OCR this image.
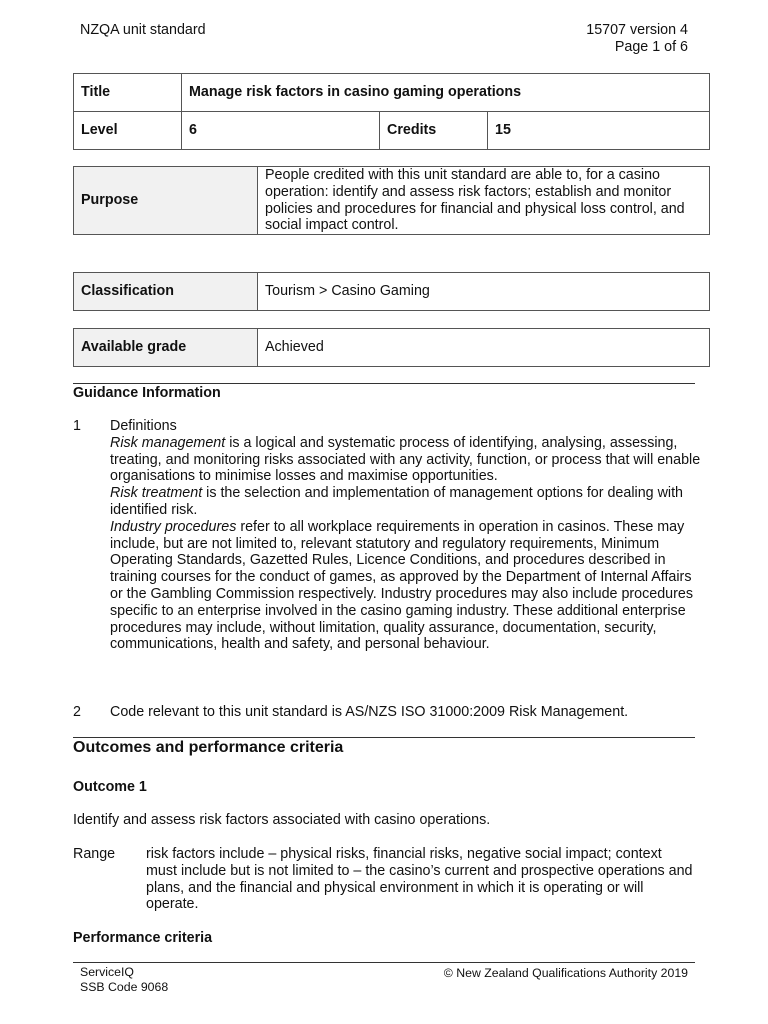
NZQA unit standard	15707 version 4
Page 1 of 6
Title	Manage risk factors in casino gaming operations		
Level	6	Credits	15
Purpose	People credited with this unit standard are able to, for a casino operation: identify and assess risk factors; establish and monitor policies and procedures for financial and physical loss control, and social impact control.
Classification	Tourism > Casino Gaming
Available grade	Achieved
Guidance Information
1 Definitions

Risk management is a logical and systematic process of identifying, analysing, assessing, treating, and monitoring risks associated with any activity, function, or process that will enable organisations to minimise losses and maximise opportunities.

Risk treatment is the selection and implementation of management options for dealing with identified risk.

Industry procedures refer to all workplace requirements in operation in casinos. These may include, but are not limited to, relevant statutory and regulatory requirements, Minimum Operating Standards, Gazetted Rules, Licence Conditions, and procedures described in training courses for the conduct of games, as approved by the Department of Internal Affairs or the Gambling Commission respectively. Industry procedures may also include procedures specific to an enterprise involved in the casino gaming industry. These additional enterprise procedures may include, without limitation, quality assurance, documentation, security, communications, health and safety, and personal behaviour.

2 Code relevant to this unit standard is AS/NZS ISO 31000:2009 Risk Management.
Outcomes and performance criteria
Outcome 1
Identify and assess risk factors associated with casino operations.
Range risk factors include – physical risks, financial risks, negative social impact; context must include but is not limited to – the casino’s current and prospective operations and plans, and the financial and physical environment in which it is operating or will operate.
Performance criteria
ServiceIQ
SSB Code 9068
© New Zealand Qualifications Authority 2019
